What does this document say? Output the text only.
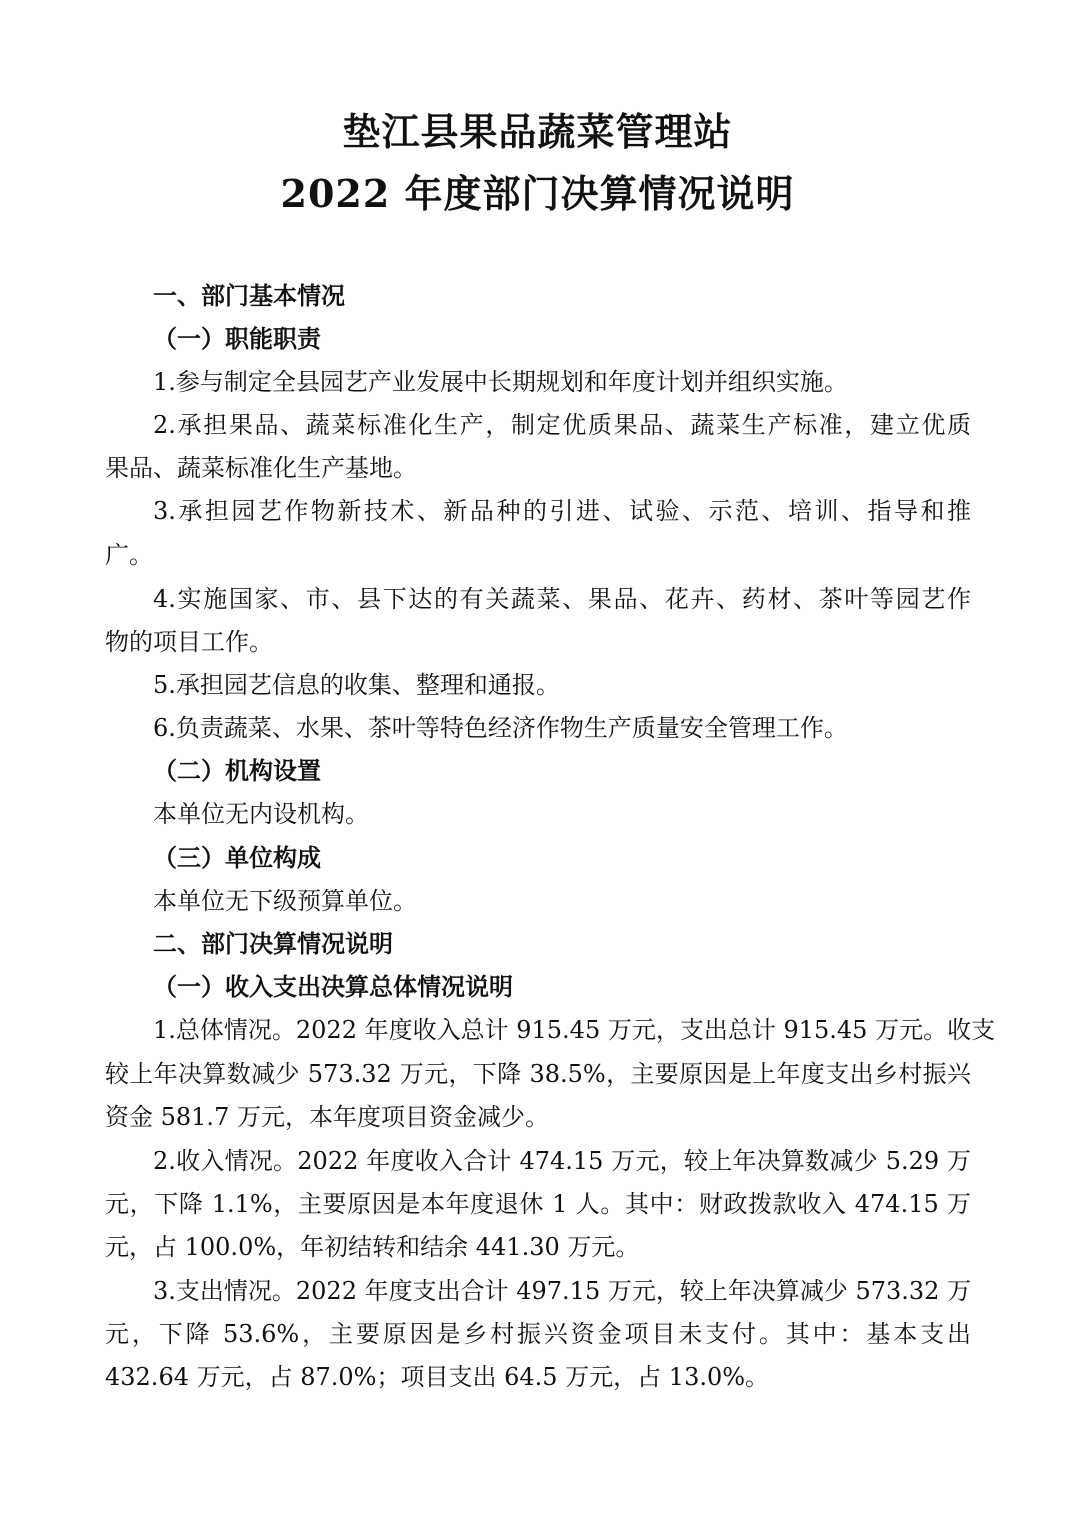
垫江县果品蔬菜管理站
2022 年度部门决算情况说明
一、部门基本情况
（一）职能职责
1.参与制定全县园艺产业发展中长期规划和年度计划并组织实施。
2.承担果品、蔬菜标准化生产，制定优质果品、蔬菜生产标准，建立优质
果品、蔬菜标准化生产基地。
3.承担园艺作物新技术、新品种的引进、试验、示范、培训、指导和推
广。
4.实施国家、市、县下达的有关蔬菜、果品、花卉、药材、茶叶等园艺作
物的项目工作。
5.承担园艺信息的收集、整理和通报。
6.负责蔬菜、水果、茶叶等特色经济作物生产质量安全管理工作。
（二）机构设置
本单位无内设机构。
（三）单位构成
本单位无下级预算单位。
二、部门决算情况说明
（一）收入支出决算总体情况说明
1.总体情况。2022 年度收入总计 915.45 万元，支出总计 915.45 万元。收支
较上年决算数减少 573.32 万元，下降 38.5%，主要原因是上年度支出乡村振兴
资金 581.7 万元，本年度项目资金减少。
2.收入情况。2022 年度收入合计 474.15 万元，较上年决算数减少 5.29 万
元，下降 1.1%，主要原因是本年度退休 1 人。其中：财政拨款收入 474.15 万
元，占 100.0%，年初结转和结余 441.30 万元。
3.支出情况。2022 年度支出合计 497.15 万元，较上年决算减少 573.32 万
元，下降 53.6%，主要原因是乡村振兴资金项目未支付。其中：基本支出
432.64 万元，占 87.0%；项目支出 64.5 万元，占 13.0%。
